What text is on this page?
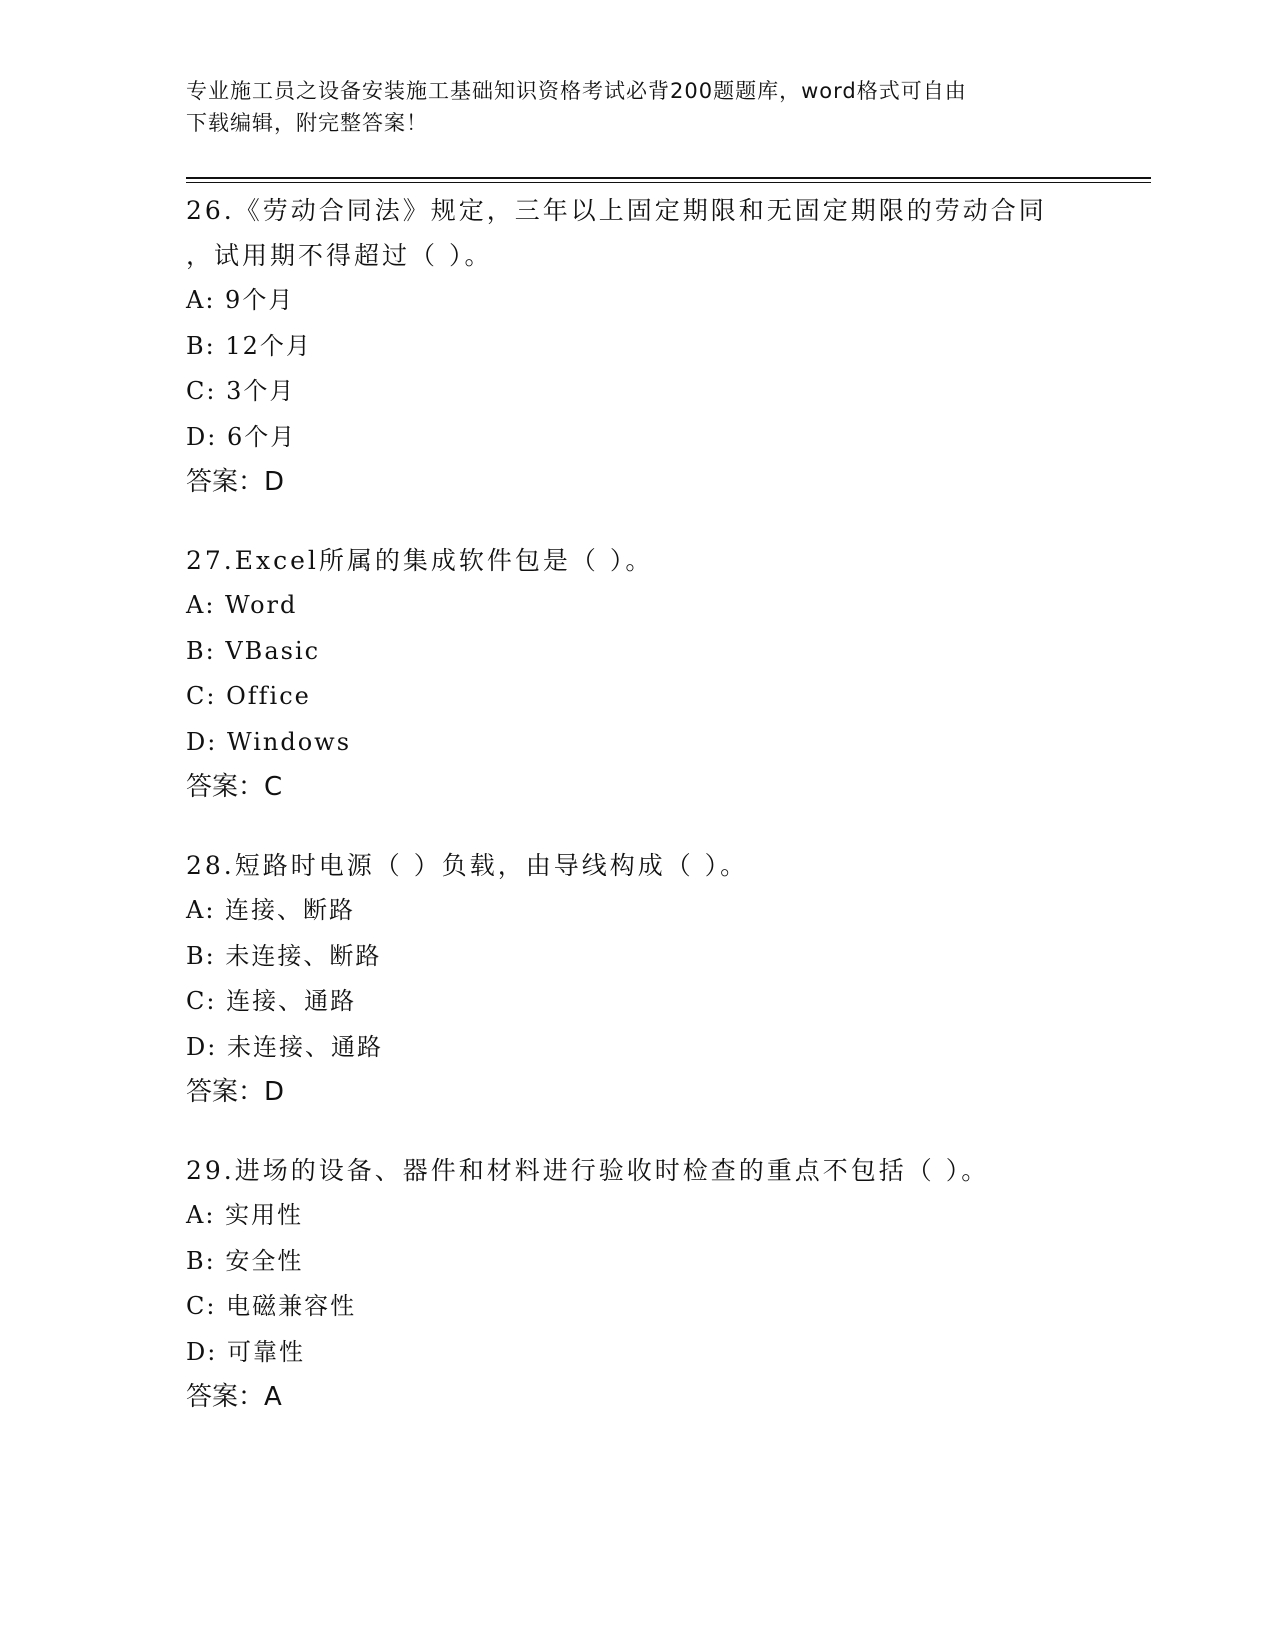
专业施工员之设备安装施工基础知识资格考试必背200题题库，word格式可自由
下载编辑，附完整答案！

26.《劳动合同法》规定，三年以上固定期限和无固定期限的劳动合同

，试用期不得超过（ ）。

A: 9个月

B: 12个月

C: 3个月

D: 6个月

答案：D

27.Excel所属的集成软件包是（ ）。

A: Word

B: VBasic

C: Office

D: Windows

答案：C

28.短路时电源（ ）负载，由导线构成（ ）。

A: 连接、断路

B: 未连接、断路

C: 连接、通路

D: 未连接、通路

答案：D

29.进场的设备、器件和材料进行验收时检查的重点不包括（ ）。

A: 实用性

B: 安全性

C: 电磁兼容性

D: 可靠性

答案：A
